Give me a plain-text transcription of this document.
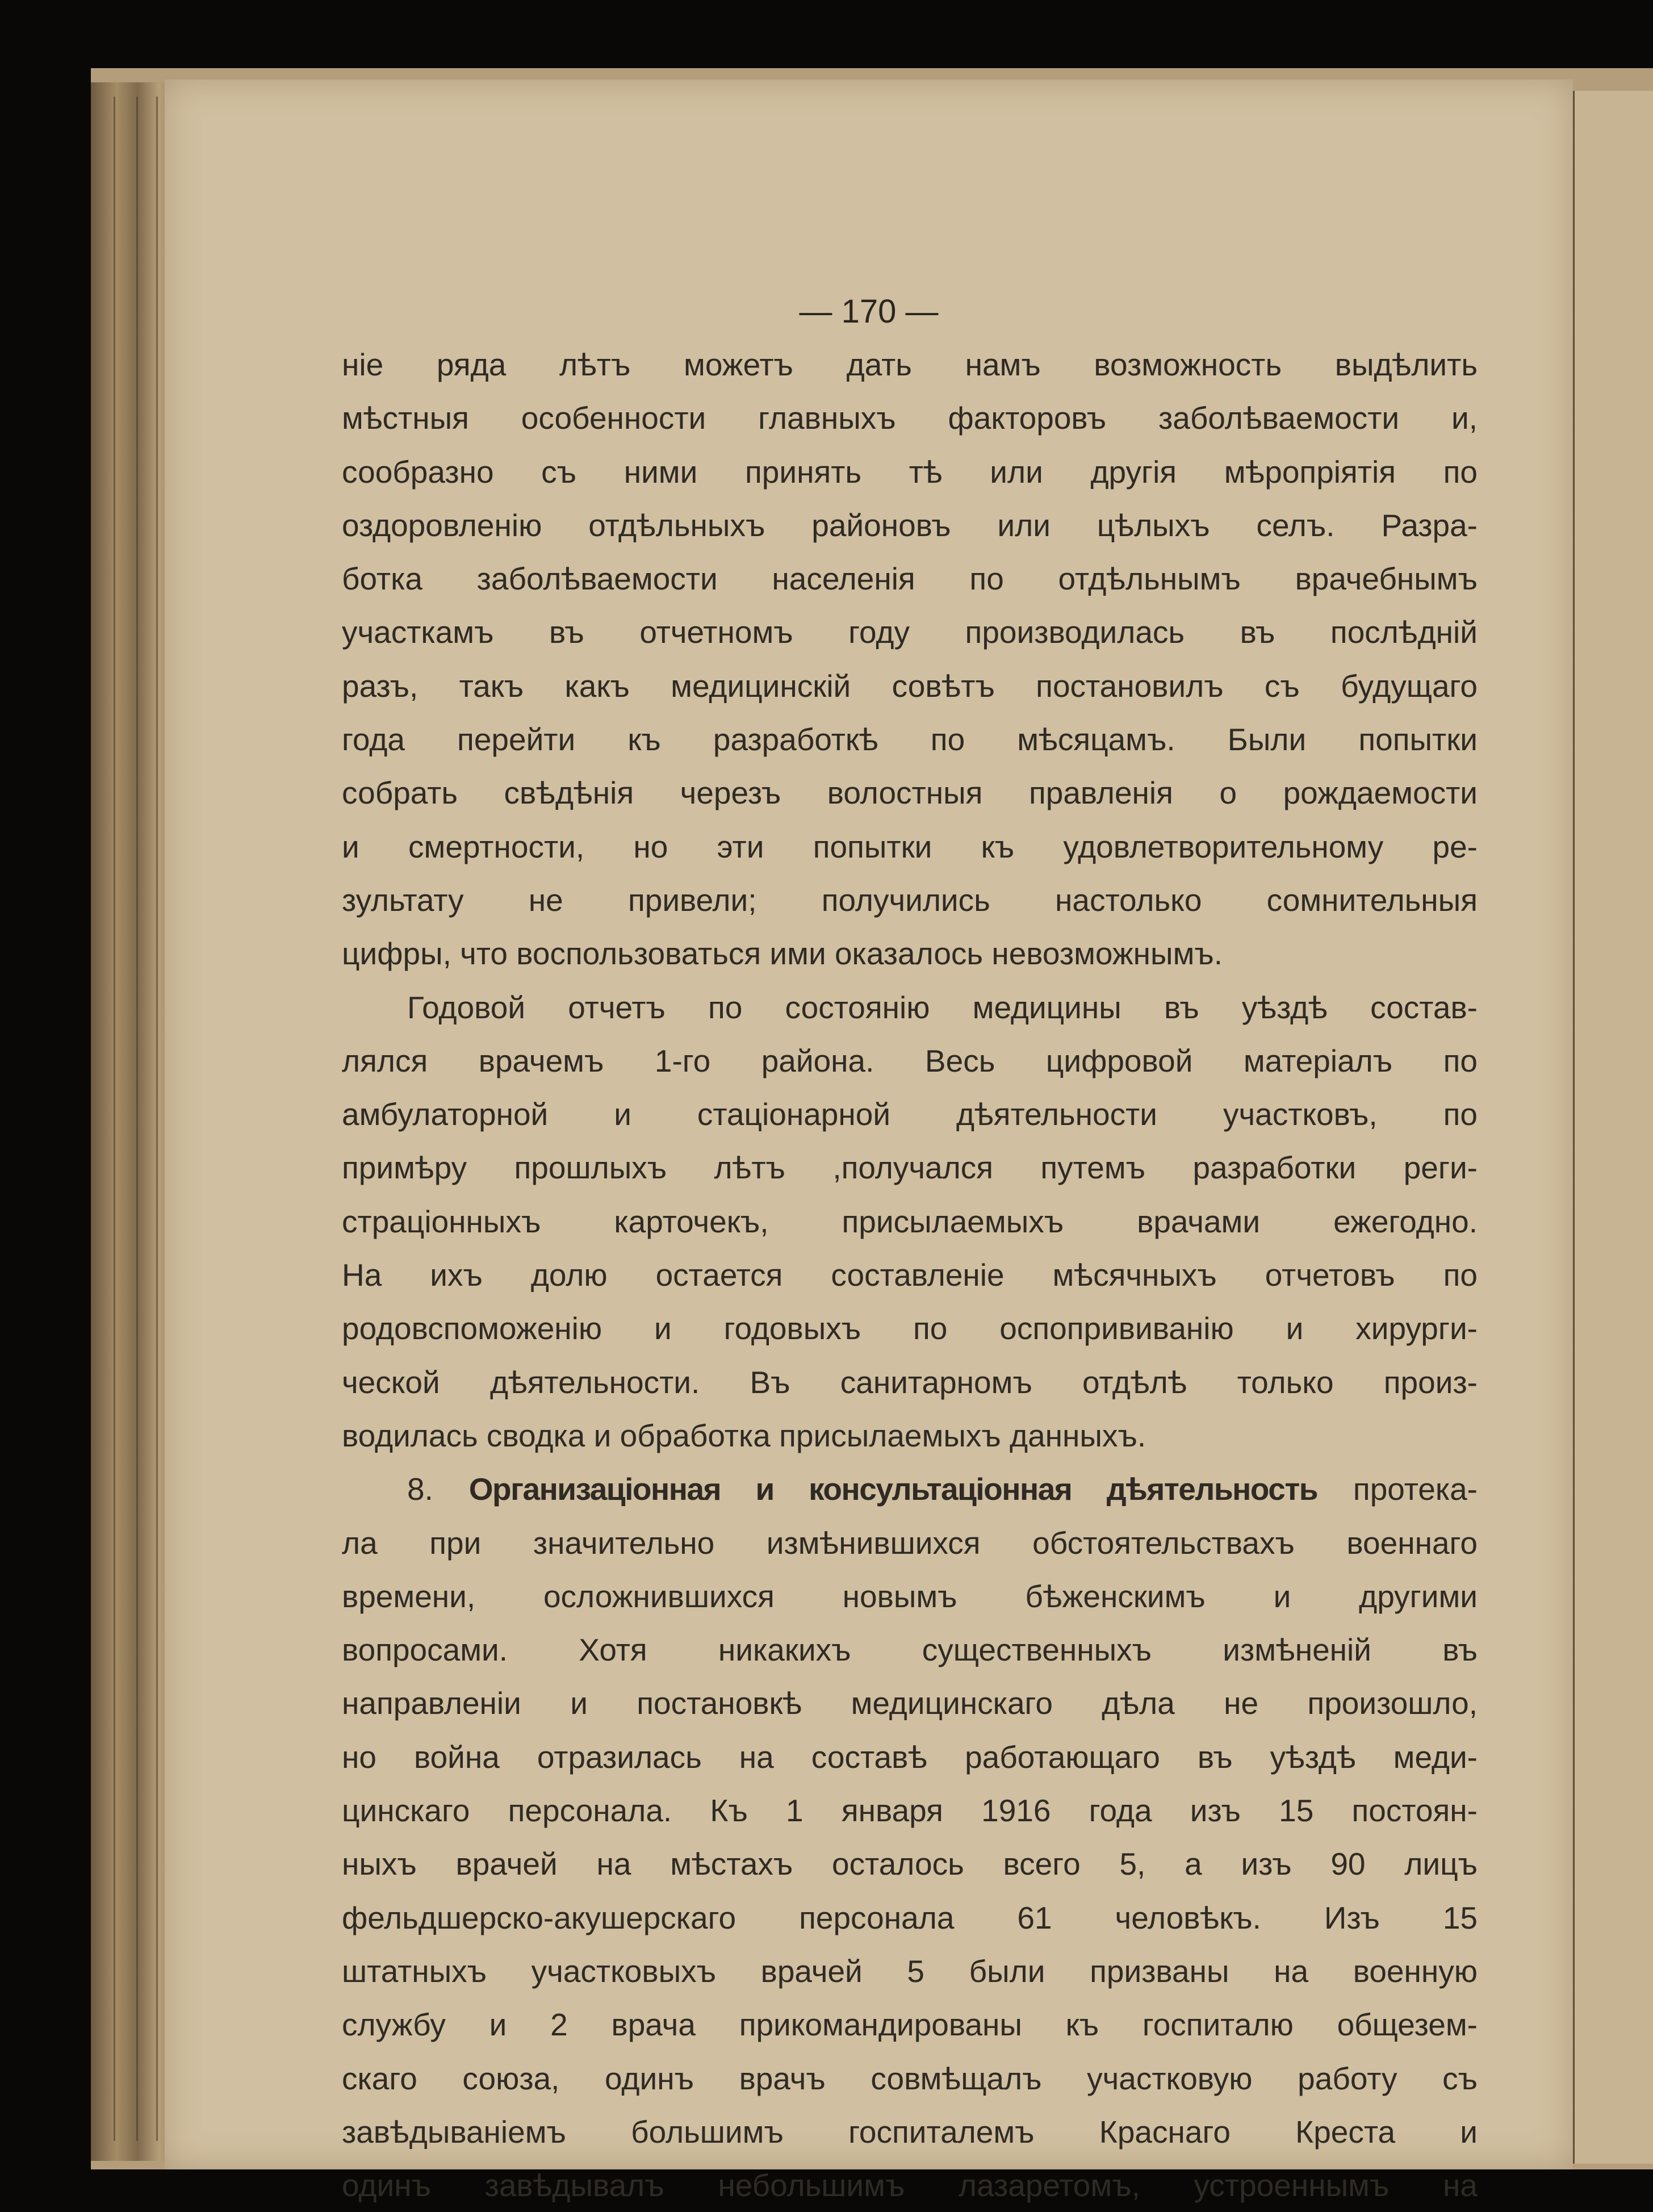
— 170 —
ніе ряда лѣтъ можетъ дать намъ возможность выдѣлить
мѣстныя особенности главныхъ факторовъ заболѣваемости и,
сообразно съ ними принять тѣ или другія мѣропріятія по
оздоровленію отдѣльныхъ районовъ или цѣлыхъ селъ. Разра-
ботка заболѣваемости населенія по отдѣльнымъ врачебнымъ
участкамъ въ отчетномъ году производилась въ послѣдній
разъ, такъ какъ медицинскій совѣтъ постановилъ съ будущаго
года перейти къ разработкѣ по мѣсяцамъ. Были попытки
собрать свѣдѣнія черезъ волостныя правленія о рождаемости
и смертности, но эти попытки къ удовлетворительному ре-
зультату не привели; получились настолько сомнительныя
цифры, что воспользоваться ими оказалось невозможнымъ.
Годовой отчетъ по состоянію медицины въ уѣздѣ состав-
лялся врачемъ 1-го района. Весь цифровой матеріалъ по
амбулаторной и стаціонарной дѣятельности участковъ, по
примѣру прошлыхъ лѣтъ ,получался путемъ разработки реги-
страціонныхъ карточекъ, присылаемыхъ врачами ежегодно.
На ихъ долю остается составленіе мѣсячныхъ отчетовъ по
родовспоможенію и годовыхъ по оспопрививанію и хирурги-
ческой дѣятельности. Въ санитарномъ отдѣлѣ только произ-
водилась сводка и обработка присылаемыхъ данныхъ.
8. Организаціонная и консультаціонная дѣятельность протека-
ла при значительно измѣнившихся обстоятельствахъ военнаго
времени, осложнившихся новымъ бѣженскимъ и другими
вопросами. Хотя никакихъ существенныхъ измѣненій въ
направленіи и постановкѣ медицинскаго дѣла не произошло,
но война отразилась на составѣ работающаго въ уѣздѣ меди-
цинскаго персонала. Къ 1 января 1916 года изъ 15 постоян-
ныхъ врачей на мѣстахъ осталось всего 5, а изъ 90 лицъ
фельдшерско-акушерскаго персонала 61 человѣкъ. Изъ 15
штатныхъ участковыхъ врачей 5 были призваны на военную
службу и 2 врача прикомандированы къ госпиталю общезем-
скаго союза, одинъ врачъ совмѣщалъ участковую работу съ
завѣдываніемъ большимъ госпиталемъ Краснаго Креста и
одинъ завѣдывалъ небольшимъ лазаретомъ, устроеннымъ на
